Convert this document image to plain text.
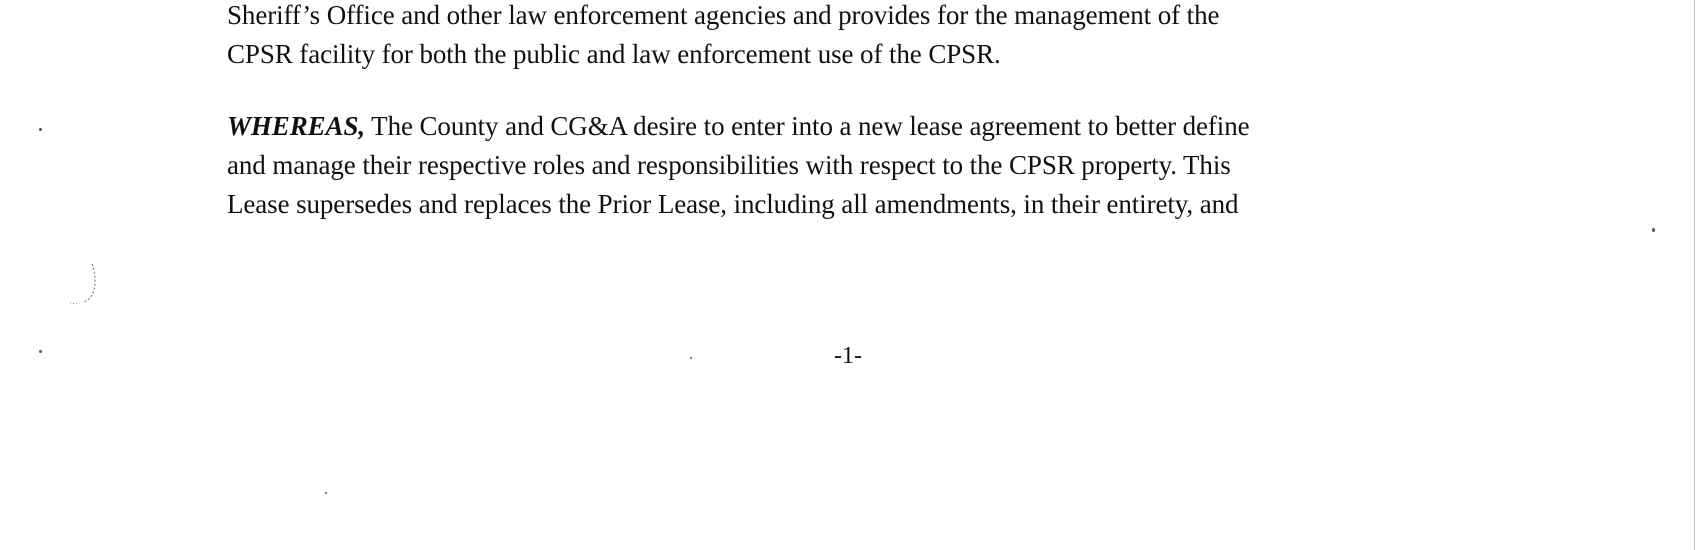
Sheriff’s Office and other law enforcement agencies and provides for the management of the
CPSR facility for both the public and law enforcement use of the CPSR.

WHEREAS, The County and CG&A desire to enter into a new lease agreement to better define
and manage their respective roles and responsibilities with respect to the CPSR property. This
Lease supersedes and replaces the Prior Lease, including all amendments, in their entirety, and

-1-
